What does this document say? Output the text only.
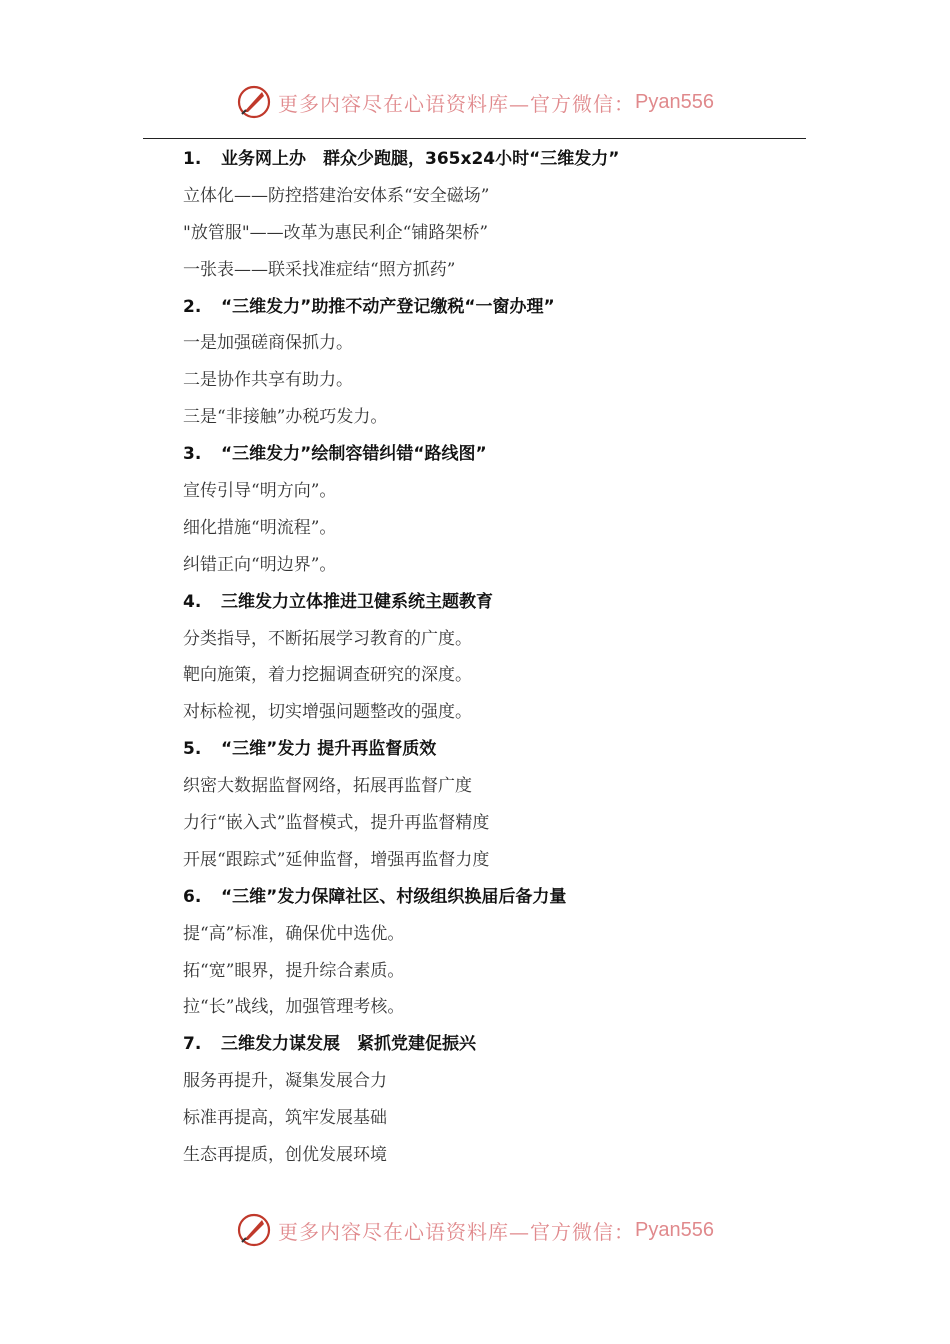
更多内容尽在心语资料库—官方微信： Pyan556
1. 业务网上办　群众少跑腿，365x24小时“三维发力”
立体化——防控搭建治安体系“安全磁场”
"放管服"——改革为惠民利企“铺路架桥”
一张表——联采找准症结“照方抓药”
2. “三维发力”助推不动产登记缴税“一窗办理”
一是加强磋商保抓力。
二是协作共享有助力。
三是“非接触”办税巧发力。
3. “三维发力”绘制容错纠错“路线图”
宣传引导“明方向”。
细化措施“明流程”。
纠错正向“明边界”。
4. 三维发力立体推进卫健系统主题教育
分类指导，不断拓展学习教育的广度。
靶向施策，着力挖掘调查研究的深度。
对标检视，切实增强问题整改的强度。
5. “三维”发力 提升再监督质效
织密大数据监督网络，拓展再监督广度
力行“嵌入式”监督模式，提升再监督精度
开展“跟踪式”延伸监督，增强再监督力度
6. “三维”发力保障社区、村级组织换届后备力量
提“高”标准，确保优中选优。
拓“宽”眼界，提升综合素质。
拉“长”战线，加强管理考核。
7. 三维发力谋发展　紧抓党建促振兴
服务再提升，凝集发展合力
标准再提高，筑牢发展基础
生态再提质，创优发展环境
更多内容尽在心语资料库—官方微信： Pyan556
